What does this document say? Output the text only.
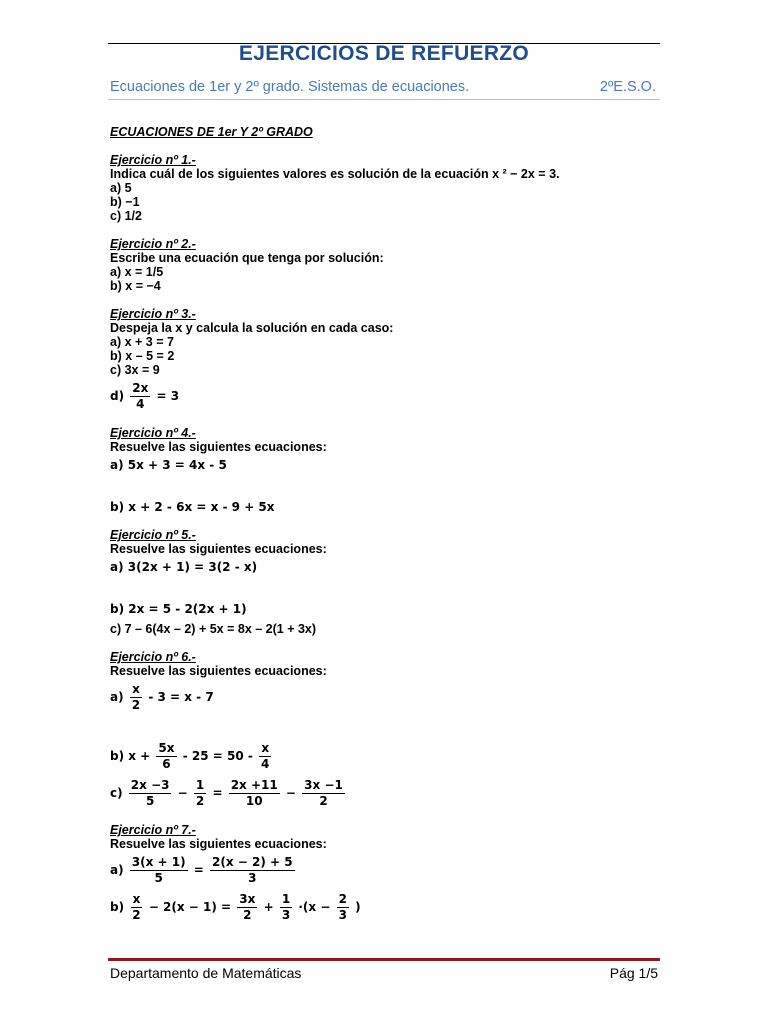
EJERCICIOS DE REFUERZO
Ecuaciones de 1er y 2º grado. Sistemas de ecuaciones.	2ºE.S.O.
ECUACIONES DE 1er Y 2º GRADO
Ejercicio nº 1.-
Indica cuál de los siguientes valores es solución de la ecuación x ² − 2x = 3.
a) 5
b) −1
c) 1/2
Ejercicio nº 2.-
Escribe una ecuación que tenga por solución:
a) x = 1/5
b) x = −4
Ejercicio nº 3.-
Despeja la x y calcula la solución en cada caso:
a) x + 3 = 7
b) x – 5 = 2
c) 3x = 9
$d) \frac{2x}{4} = 3$
Ejercicio nº 4.-
Resuelve las siguientes ecuaciones:
a) 5x + 3 = 4x - 5
b) x + 2 - 6x = x - 9 + 5x
Ejercicio nº 5.-
Resuelve las siguientes ecuaciones:
a) 3(2x + 1) = 3(2 - x)
b) 2x = 5 - 2(2x + 1)
c) 7 – 6(4x – 2) + 5x = 8x – 2(1 + 3x)
Ejercicio nº 6.-
Resuelve las siguientes ecuaciones:
$a) \frac{x}{2} - 3 = x - 7$
b) $x + \frac{5x}{6} - 25 = 50 - \frac{x}{4}$
$c) \frac{2x -3}{5} - \frac{1}{2} = \frac{2x +11}{10} - \frac{3x -1}{2}$
Ejercicio nº 7.-
Resuelve las siguientes ecuaciones:
$a) \frac{3(x + 1)}{5} = \frac{2(x - 2) + 5}{3}$
$b) \frac{x}{2} - 2(x - 1) = \frac{3x}{2} + \frac{1}{3} \cdot(x - \frac{2}{3}$ )
Departamento de Matemáticas	Pág 1/5
